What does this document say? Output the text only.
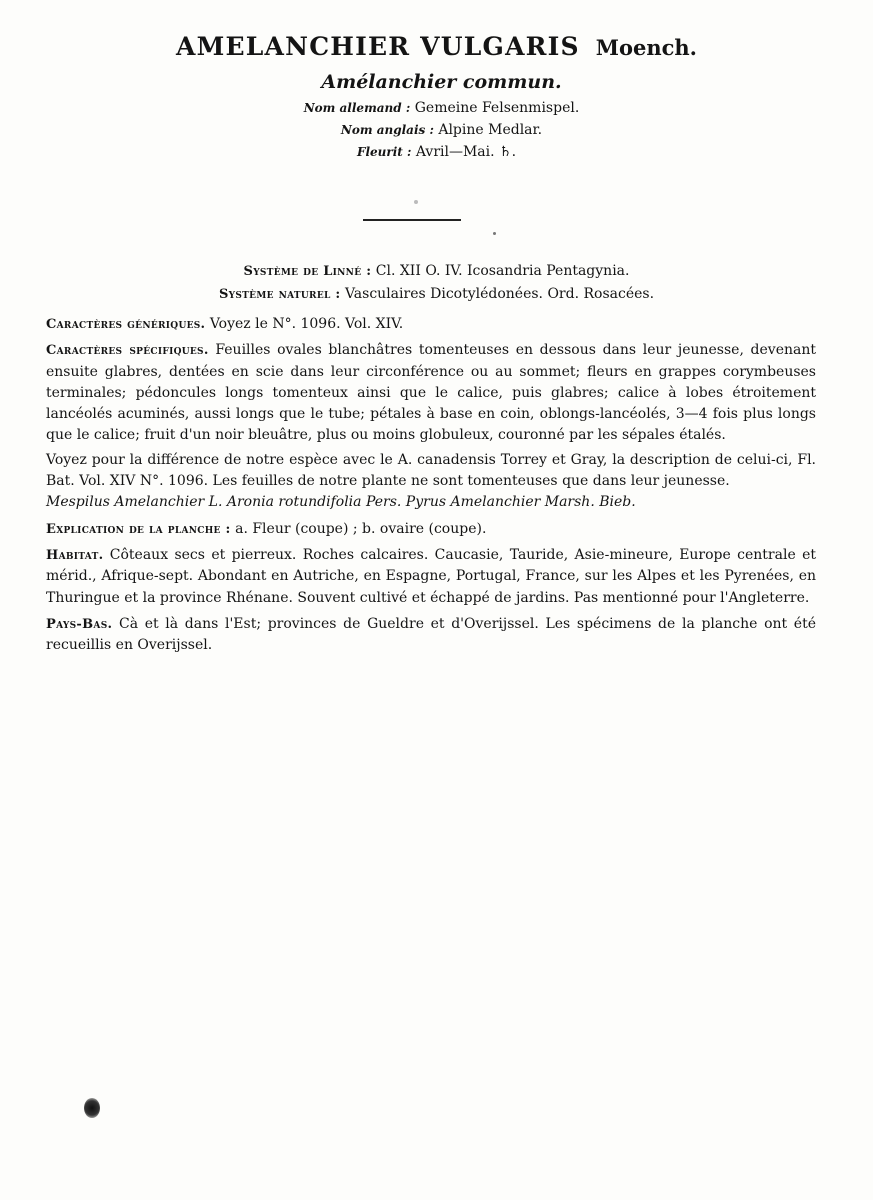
AMELANCHIER VULGARIS Moench.
Amélanchier commun.
Nom allemand : Gemeine Felsenmispel.
Nom anglais : Alpine Medlar.
Fleurit : Avril—Mai. ♄.
Système de Linné : Cl. XII O. IV. Icosandria Pentagynia.
Système naturel : Vasculaires Dicotylédonées. Ord. Rosacées.

Caractères génériques. Voyez le N°. 1096. Vol. XIV.

Caractères spécifiques. Feuilles ovales blanchâtres tomenteuses en dessous dans leur jeunesse, devenant ensuite glabres, dentées en scie dans leur circonférence ou au sommet; fleurs en grappes corymbeuses terminales; pédoncules longs tomenteux ainsi que le calice, puis glabres; calice à lobes étroitement lancéolés acuminés, aussi longs que le tube; pétales à base en coin, oblongs-lancéolés, 3—4 fois plus longs que le calice; fruit d'un noir bleuâtre, plus ou moins globuleux, couronné par les sépales étalés.

Voyez pour la différence de notre espèce avec le A. canadensis Torrey et Gray, la description de celui-ci, Fl. Bat. Vol. XIV N°. 1096. Les feuilles de notre plante ne sont tomenteuses que dans leur jeunesse.
Mespilus Amelanchier L. Aronia rotundifolia Pers. Pyrus Amelanchier Marsh. Bieb.

Explication de la planche : a. Fleur (coupe) ; b. ovaire (coupe).

Habitat. Côteaux secs et pierreux. Roches calcaires. Caucasie, Tauride, Asie-mineure, Europe centrale et mérid., Afrique-sept. Abondant en Autriche, en Espagne, Portugal, France, sur les Alpes et les Pyrenées, en Thuringue et la province Rhénane. Souvent cultivé et échappé de jardins. Pas mentionné pour l'Angleterre.

Pays-Bas. Cà et là dans l'Est; provinces de Gueldre et d'Overijssel. Les spécimens de la planche ont été recueillis en Overijssel.
